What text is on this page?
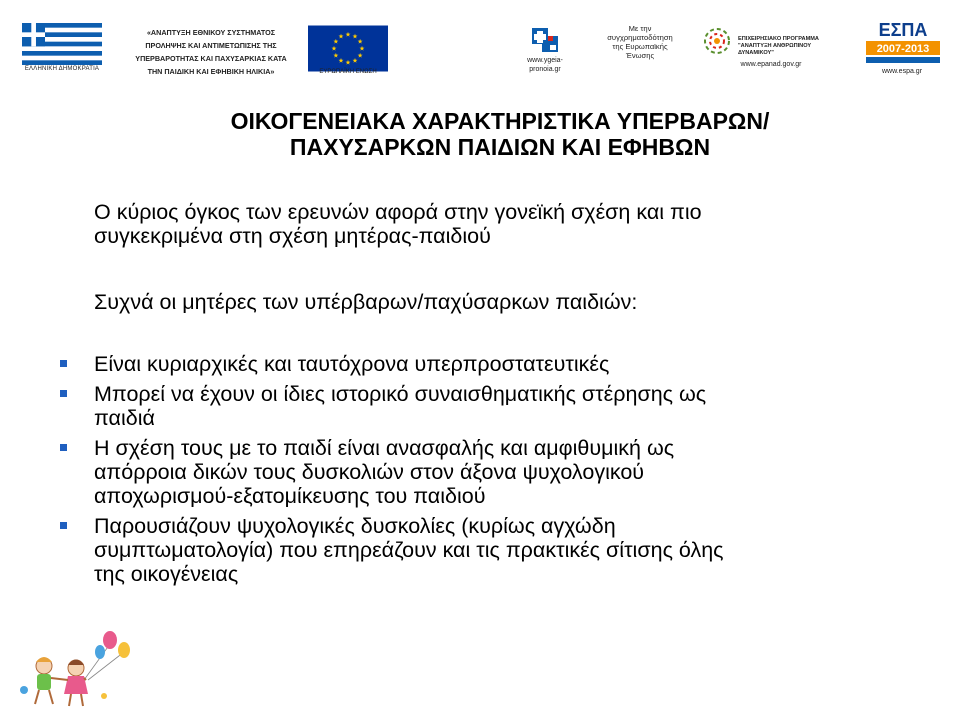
ΕΛΛΗΝΙΚΗ ΔΗΜΟΚΡΑΤΙΑ
«ΑΝΑΠΤΥΞΗ ΕΘΝΙΚΟΥ ΣΥΣΤΗΜΑΤΟΣ
ΠΡΟΛΗΨΗΣ ΚΑΙ ΑΝΤΙΜΕΤΩΠΙΣΗΣ ΤΗΣ
ΥΠΕΡΒΑΡΟΤΗΤΑΣ ΚΑΙ ΠΑΧΥΣΑΡΚΙΑΣ ΚΑΤΑ
ΤΗΝ ΠΑΙΔΙΚΗ ΚΑΙ ΕΦΗΒΙΚΗ ΗΛΙΚΙΑ»	ΕΥΡΩΠΑΪΚΗ ΕΝΩΣΗ
www.ygeia-
pronoia.gr
Με την
συγχρηματοδότηση
της Ευρωπαϊκής
Ένωσης
ΕΠΙΧΕΙΡΗΣΙΑΚΟ ΠΡΟΓΡΑΜΜΑ
"ΑΝΑΠΤΥΞΗ ΑΝΘΡΩΠΙΝΟΥ ΔΥΝΑΜΙΚΟΥ"
www.epanad.gov.gr
ΕΣΠΑ
2007-2013
www.espa.gr
ΟΙΚΟΓΕΝΕΙΑΚΑ ΧΑΡΑΚΤΗΡΙΣΤΙΚΑ ΥΠΕΡΒΑΡΩΝ/
ΠΑΧΥΣΑΡΚΩΝ ΠΑΙΔΙΩΝ ΚΑΙ ΕΦΗΒΩΝ
Ο κύριος όγκος των ερευνών αφορά στην γονεϊκή σχέση και πιο
συγκεκριμένα στη σχέση μητέρας-παιδιού
Συχνά οι μητέρες των υπέρβαρων/παχύσαρκων παιδιών:
Είναι κυριαρχικές και ταυτόχρονα υπερπροστατευτικές
Μπορεί να έχουν οι ίδιες ιστορικό συναισθηματικής στέρησης ως
παιδιά
Η σχέση τους με το παιδί είναι ανασφαλής και αμφιθυμική ως
απόρροια δικών τους δυσκολιών στον άξονα ψυχολογικού
αποχωρισμού-εξατομίκευσης του παιδιού
Παρουσιάζουν ψυχολογικές δυσκολίες (κυρίως αγχώδη
συμπτωματολογία) που επηρεάζουν και τις πρακτικές σίτισης όλης
της οικογένειας
